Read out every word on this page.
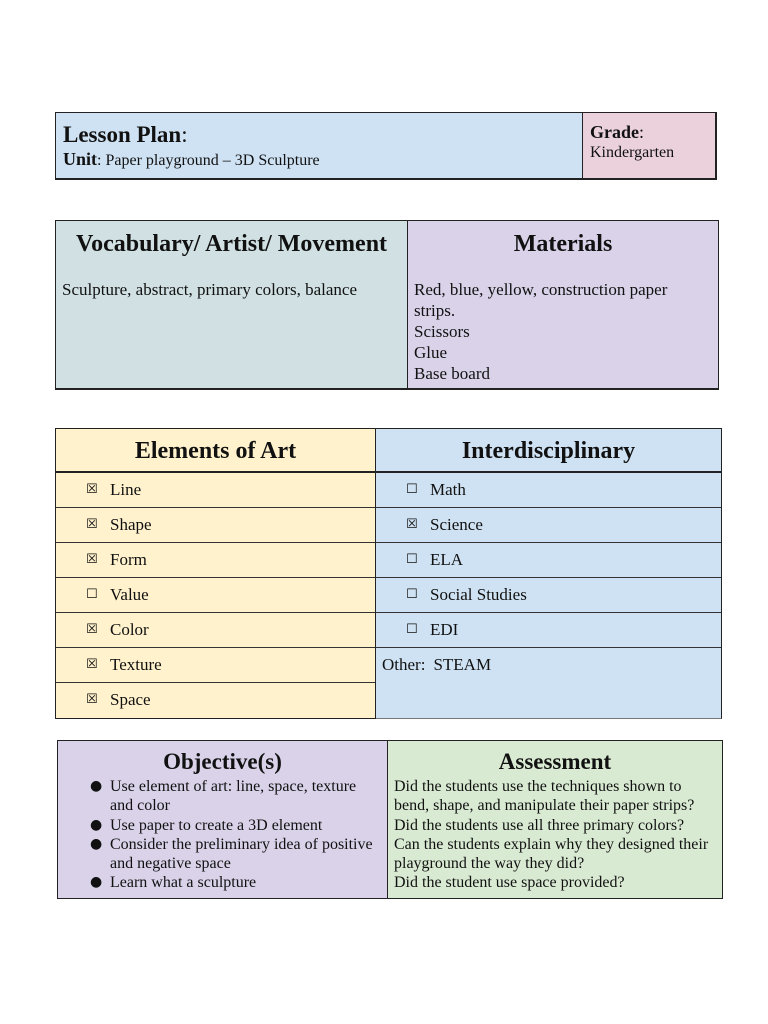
Lesson Plan:
Unit: Paper playground – 3D Sculpture
Grade:
Kindergarten
Vocabulary/ Artist/ Movement
Sculpture, abstract, primary colors, balance
Materials
Red, blue, yellow, construction paper
strips.
Scissors
Glue
Base board
Elements of Art
☒ Line
☒ Shape
☒ Form
☐ Value
☒ Color
☒ Texture
☒ Space
Interdisciplinary
☐ Math
☒ Science
☐ ELA
☐ Social Studies
☐ EDI
Other: STEAM
Objective(s)
● Use element of art: line, space, texture
and color
● Use paper to create a 3D element
● Consider the preliminary idea of positive
and negative space
● Learn what a sculpture
Assessment

Did the students use the techniques shown to

bend, shape, and manipulate their paper strips?

Did the students use all three primary colors?

Can the students explain why they designed their

playground the way they did?

Did the student use space provided?
